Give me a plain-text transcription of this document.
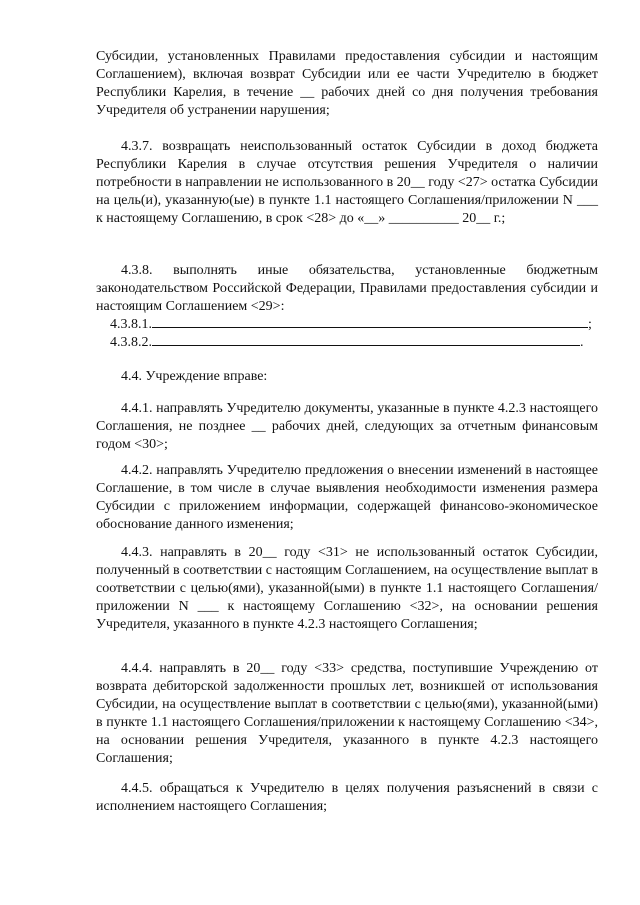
Субсидии, установленных Правилами предоставления субсидии и настоящим Соглашением), включая возврат Субсидии или ее части Учредителю в бюджет Республики Карелия, в течение __ рабочих дней со дня получения требования Учредителя об устранении нарушения;

4.3.7. возвращать неиспользованный остаток Субсидии в доход бюджета Республики Карелия в случае отсутствия решения Учредителя о наличии потребности в направлении не использованного в 20__ году <27> остатка Субсидии на цель(и), указанную(ые) в пункте 1.1 настоящего Соглашения/приложении N ___ к настоящему Соглашению, в срок <28> до «__» __________ 20__ г.;

4.3.8. выполнять иные обязательства, установленные бюджетным законодательством Российской Федерации, Правилами предоставления субсидии и настоящим Соглашением <29>:

4.3.8.1.	;
4.3.8.2.	.

4.4. Учреждение вправе:

4.4.1. направлять Учредителю документы, указанные в пункте 4.2.3 настоящего Соглашения, не позднее __ рабочих дней, следующих за отчетным финансовым годом <30>;

4.4.2. направлять Учредителю предложения о внесении изменений в настоящее Соглашение, в том числе в случае выявления необходимости изменения размера Субсидии с приложением информации, содержащей финансово-экономическое обоснование данного изменения;

4.4.3. направлять в 20__ году <31> не использованный остаток Субсидии, полученный в соответствии с настоящим Соглашением, на осуществление выплат в соответствии с целью(ями), указанной(ыми) в пункте 1.1 настоящего Соглашения/приложении N ___ к настоящему Соглашению <32>, на основании решения Учредителя, указанного в пункте 4.2.3 настоящего Соглашения;

4.4.4. направлять в 20__ году <33> средства, поступившие Учреждению от возврата дебиторской задолженности прошлых лет, возникшей от использования Субсидии, на осуществление выплат в соответствии с целью(ями), указанной(ыми) в пункте 1.1 настоящего Соглашения/приложении к настоящему Соглашению <34>, на основании решения Учредителя, указанного в пункте 4.2.3 настоящего Соглашения;

4.4.5. обращаться к Учредителю в целях получения разъяснений в связи с исполнением настоящего Соглашения;
